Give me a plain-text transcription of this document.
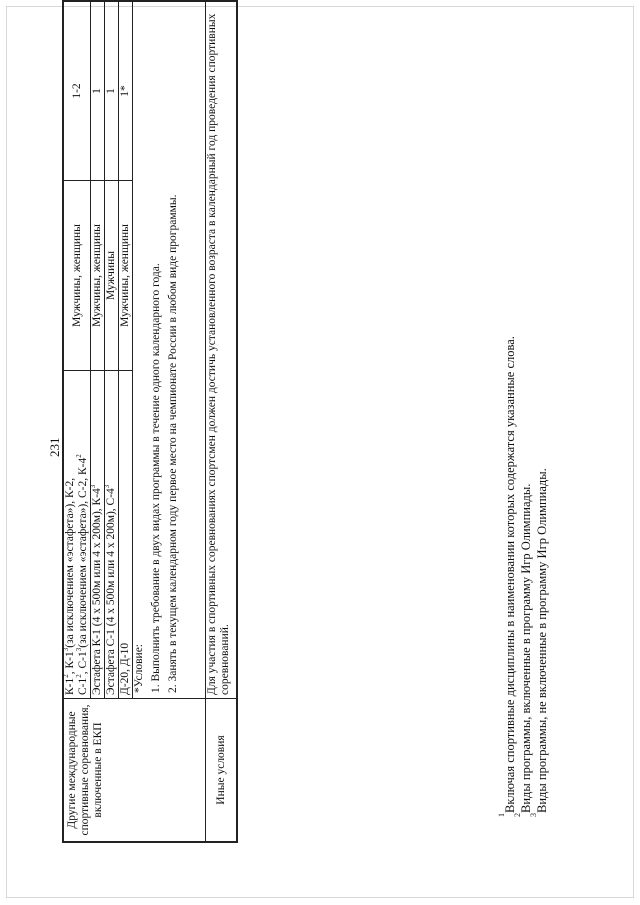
231
Другие международные спортивные соревнования, включенные в ЕКП	$К-1^2$, $К-1^3(за$ исключением «эстафета»), К-2,
$С-1^2$, $С-1^3(за$ исключением «эстафета»), С-2, $К-4^2$	Мужчины, женщины	1-2
	Эстафета К-1 (4 х 500м или 4 х 200м), $К-4^3$	Мужчины, женщины	1
	Эстафета С-1 (4 х 500м или 4 х 200м), $С-4^3$	Мужчины	1
	Д-20, Д-10	Мужчины, женщины	1*

	*Условие: 1. Выполнить требование в двух видах программы в течение одного календарного года. 2. Занять в текущем календарном году первое место на чемпионате России в любом виде программы.		

Иные условия	Для участия в спортивных соревнованиях спортсмен должен достичь установленного возраста в календарный год проведения спортивных соревнований.		
$^1$Включая спортивные дисциплины в наименовании которых содержатся указанные слова.
$^2$Виды программы, включенные в программу Игр Олимпиады.
$^3$Виды программы, не включенные в программу Игр Олимпиады.
